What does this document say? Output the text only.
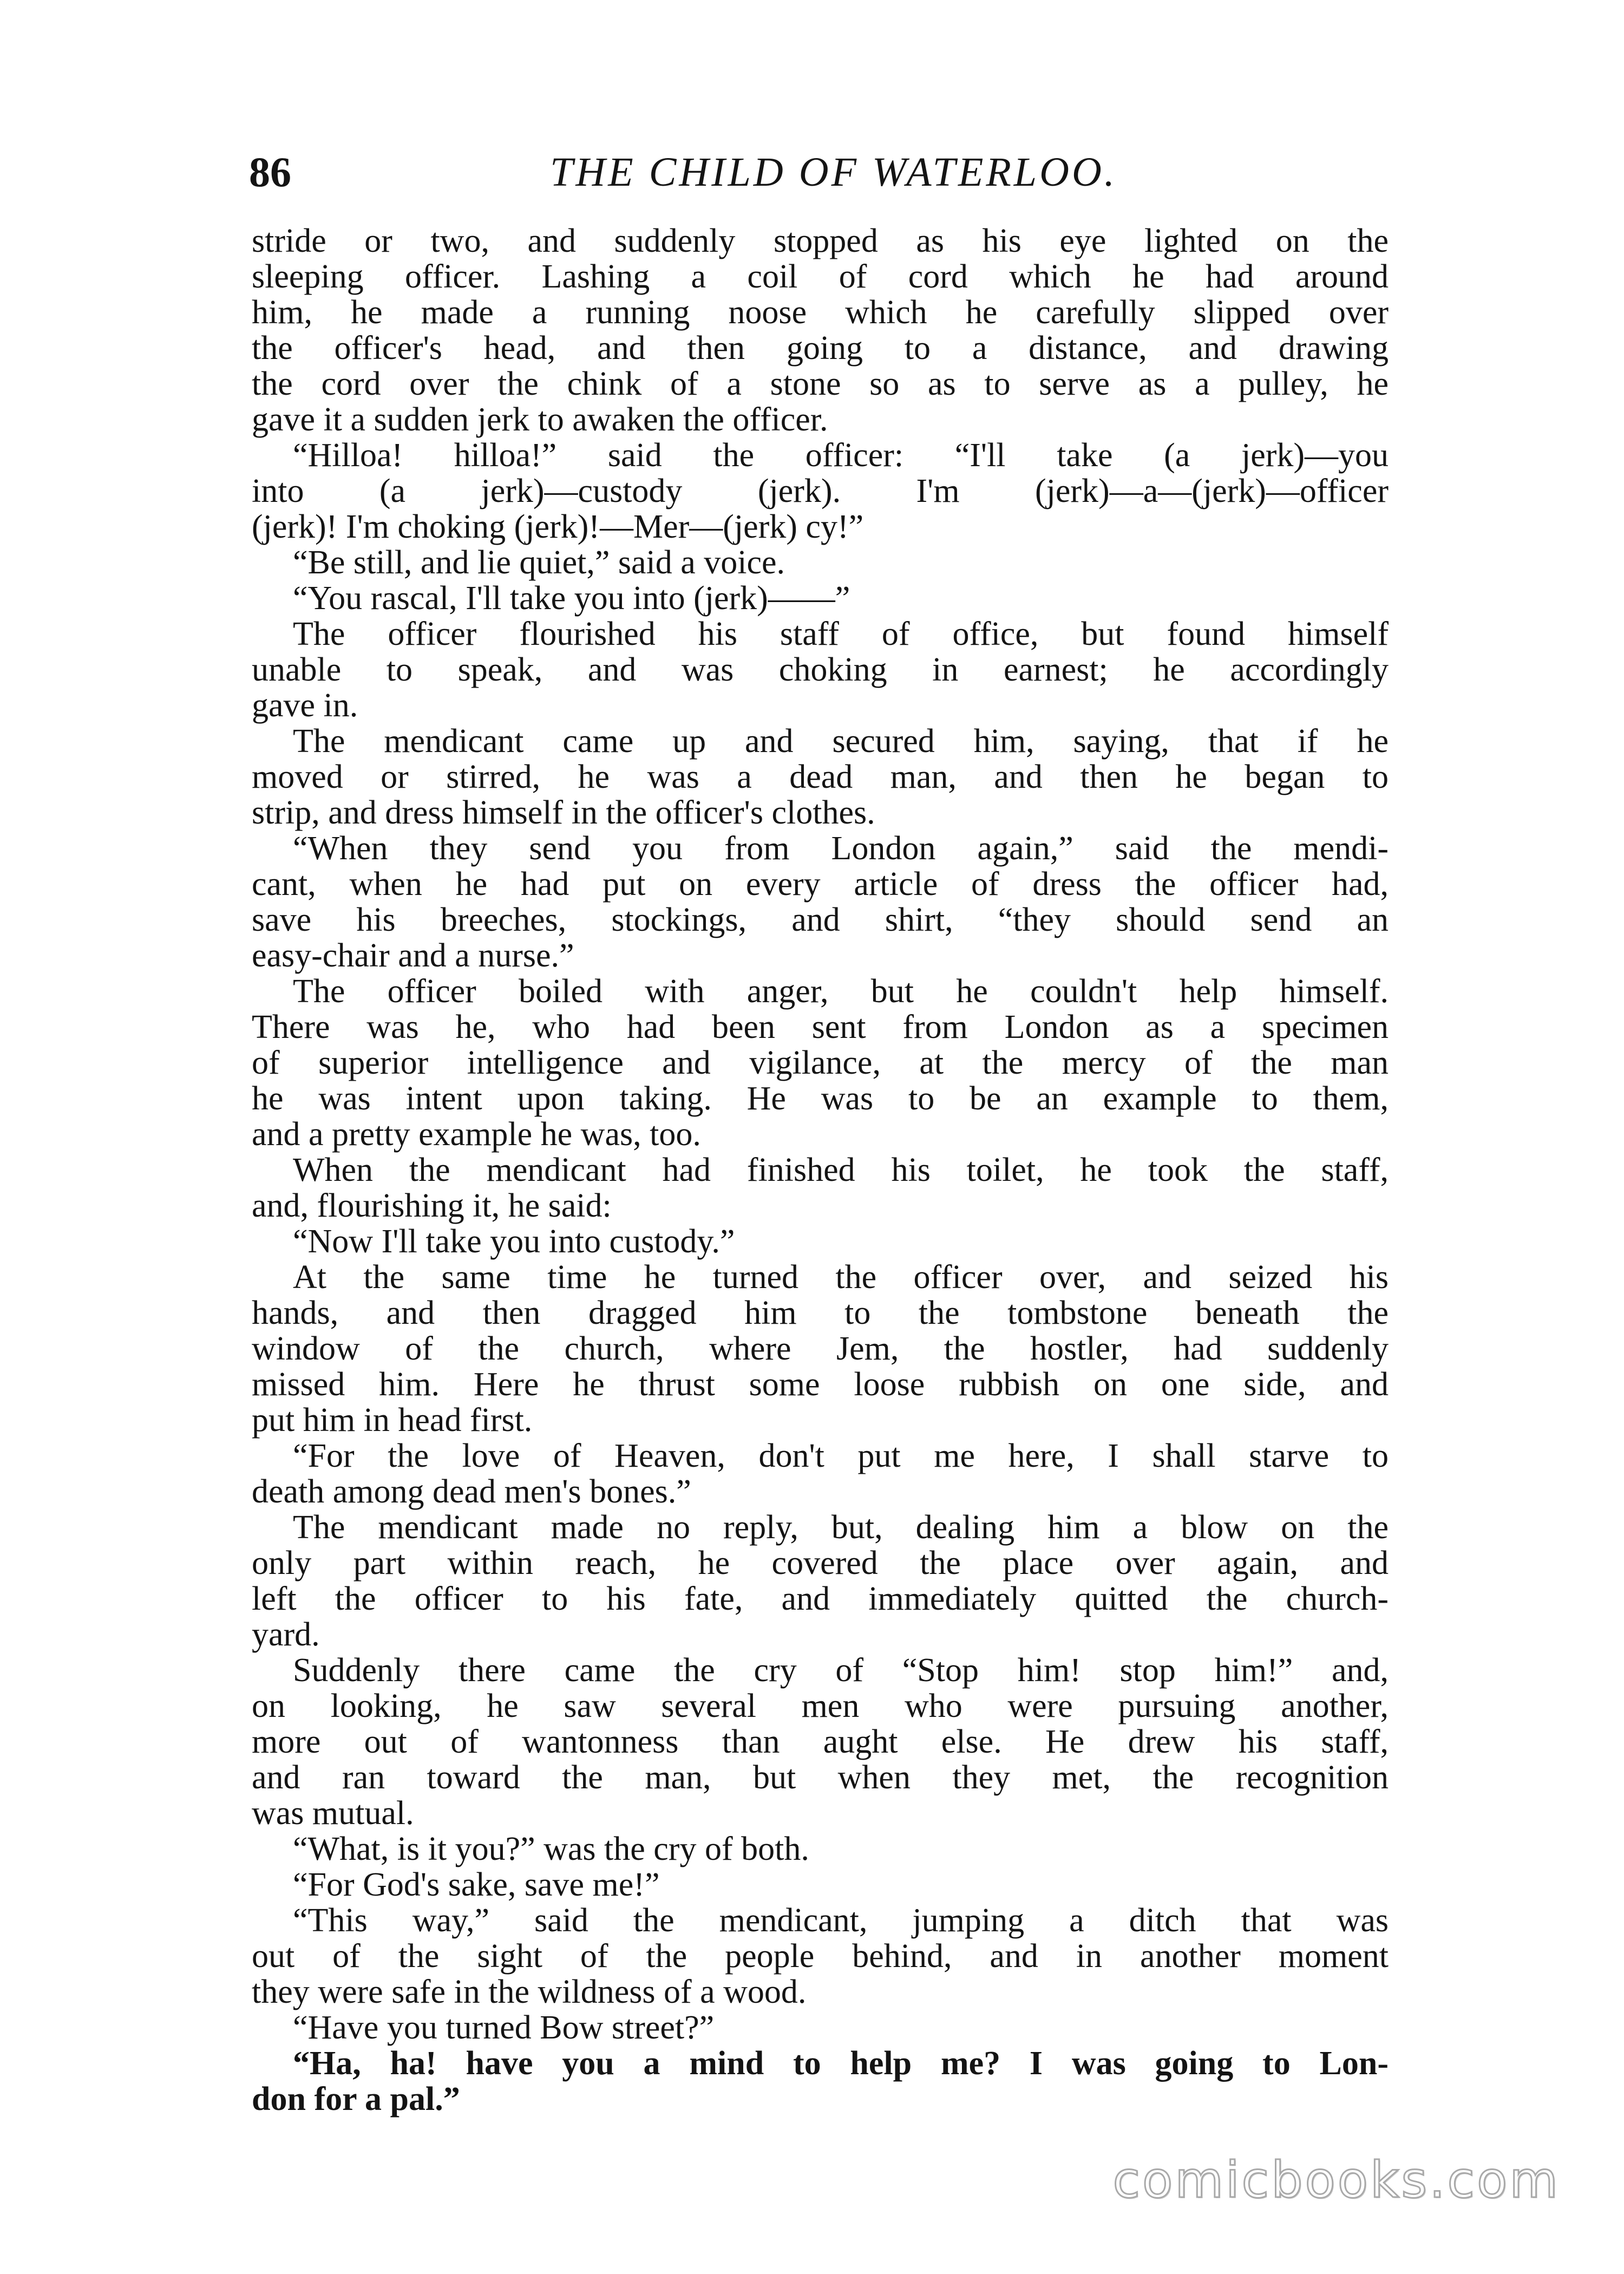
86	THE CHILD OF WATERLOO.
stride or two, and suddenly stopped as his eye lighted on the
sleeping officer. Lashing a coil of cord which he had around
him, he made a running noose which he carefully slipped over
the officer's head, and then going to a distance, and drawing
the cord over the chink of a stone so as to serve as a pulley, he
gave it a sudden jerk to awaken the officer.
“Hilloa! hilloa!” said the officer: “I'll take (a jerk)—you
into (a jerk)—custody (jerk). I'm (jerk)—a—(jerk)—officer
(jerk)! I'm choking (jerk)!—Mer—(jerk) cy!”
“Be still, and lie quiet,” said a voice.
“You rascal, I'll take you into (jerk)——”
The officer flourished his staff of office, but found himself
unable to speak, and was choking in earnest; he accordingly
gave in.
The mendicant came up and secured him, saying, that if he
moved or stirred, he was a dead man, and then he began to
strip, and dress himself in the officer's clothes.
“When they send you from London again,” said the mendi-
cant, when he had put on every article of dress the officer had,
save his breeches, stockings, and shirt, “they should send an
easy-chair and a nurse.”
The officer boiled with anger, but he couldn't help himself.
There was he, who had been sent from London as a specimen
of superior intelligence and vigilance, at the mercy of the man
he was intent upon taking. He was to be an example to them,
and a pretty example he was, too.
When the mendicant had finished his toilet, he took the staff,
and, flourishing it, he said:
“Now I'll take you into custody.”
At the same time he turned the officer over, and seized his
hands, and then dragged him to the tombstone beneath the
window of the church, where Jem, the hostler, had suddenly
missed him. Here he thrust some loose rubbish on one side, and
put him in head first.
“For the love of Heaven, don't put me here, I shall starve to
death among dead men's bones.”
The mendicant made no reply, but, dealing him a blow on the
only part within reach, he covered the place over again, and
left the officer to his fate, and immediately quitted the church-
yard.
Suddenly there came the cry of “Stop him! stop him!” and,
on looking, he saw several men who were pursuing another,
more out of wantonness than aught else. He drew his staff,
and ran toward the man, but when they met, the recognition
was mutual.
“What, is it you?” was the cry of both.
“For God's sake, save me!”
“This way,” said the mendicant, jumping a ditch that was
out of the sight of the people behind, and in another moment
they were safe in the wildness of a wood.
“Have you turned Bow street?”
“Ha, ha! have you a mind to help me? I was going to Lon-
don for a pal.”
comicbooks.com
